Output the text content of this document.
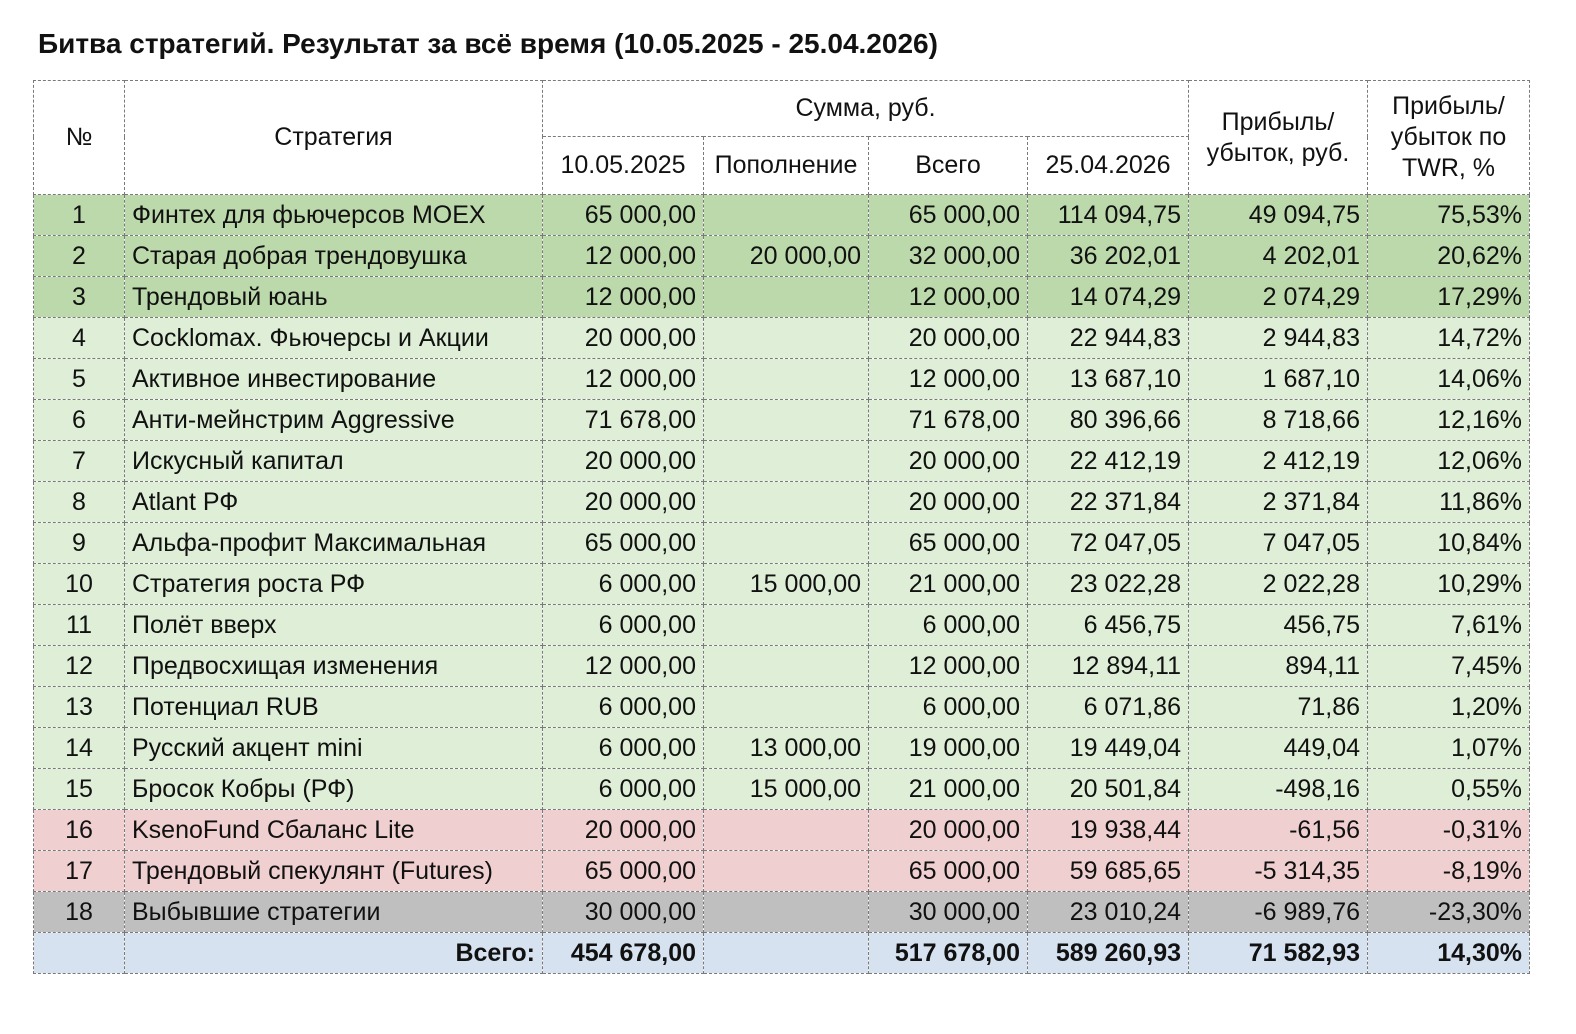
Битва стратегий. Результат за всё время (10.05.2025 - 25.04.2026)
№	Стратегия	Сумма, руб.				Прибыль/ убыток, руб.	Прибыль/ убыток по TWR, %
		10.05.2025	Пополнение	Всего	25.04.2026		
1	Финтех для фьючерсов MOEX	65 000,00		65 000,00	114 094,75	49 094,75	75,53%
2	Старая добрая трендовушка	12 000,00	20 000,00	32 000,00	36 202,01	4 202,01	20,62%
3	Трендовый юань	12 000,00		12 000,00	14 074,29	2 074,29	17,29%
4	Cocklomax. Фьючерсы и Акции	20 000,00		20 000,00	22 944,83	2 944,83	14,72%
5	Активное инвестирование	12 000,00		12 000,00	13 687,10	1 687,10	14,06%
6	Анти-мейнстрим Aggressive	71 678,00		71 678,00	80 396,66	8 718,66	12,16%
7	Искусный капитал	20 000,00		20 000,00	22 412,19	2 412,19	12,06%
8	Atlant РФ	20 000,00		20 000,00	22 371,84	2 371,84	11,86%
9	Альфа-профит Максимальная	65 000,00		65 000,00	72 047,05	7 047,05	10,84%
10	Стратегия роста РФ	6 000,00	15 000,00	21 000,00	23 022,28	2 022,28	10,29%
11	Полёт вверх	6 000,00		6 000,00	6 456,75	456,75	7,61%
12	Предвосхищая изменения	12 000,00		12 000,00	12 894,11	894,11	7,45%
13	Потенциал RUB	6 000,00		6 000,00	6 071,86	71,86	1,20%
14	Русский акцент mini	6 000,00	13 000,00	19 000,00	19 449,04	449,04	1,07%
15	Бросок Кобры (РФ)	6 000,00	15 000,00	21 000,00	20 501,84	-498,16	0,55%
16	KsenoFund Сбаланс Lite	20 000,00		20 000,00	19 938,44	-61,56	-0,31%
17	Трендовый спекулянт (Futures)	65 000,00		65 000,00	59 685,65	-5 314,35	-8,19%
18	Выбывшие стратегии	30 000,00		30 000,00	23 010,24	-6 989,76	-23,30%
	Всего:	454 678,00		517 678,00	589 260,93	71 582,93	14,30%
